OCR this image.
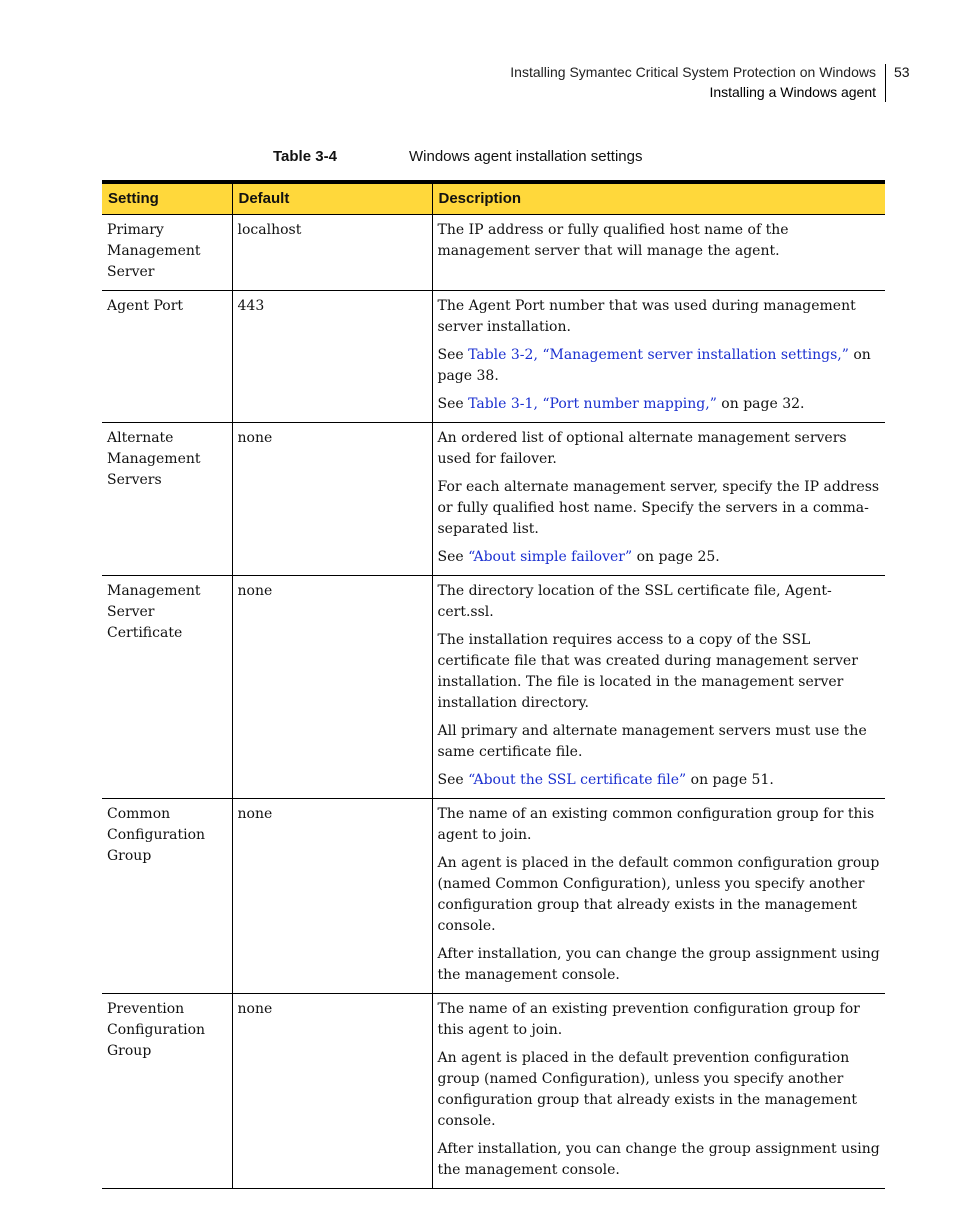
Installing Symantec Critical System Protection on Windows
Installing a Windows agent
53
Table 3-4	Windows agent installation settings
Setting	Default	Description
Primary Management Server	localhost	The IP address or fully qualified host name of the management server that will manage the agent.

Agent Port	443	The Agent Port number that was used during management server installation.

See Table 3-2, “Management server installation settings,” on page 38.

See Table 3-1, “Port number mapping,” on page 32.

Alternate Management Servers	none	An ordered list of optional alternate management servers used for failover.

For each alternate management server, specify the IP address or fully qualified host name. Specify the servers in a comma-separated list.

See “About simple failover” on page 25.

Management Server Certificate	none	The directory location of the SSL certificate file, Agent-cert.ssl.

The installation requires access to a copy of the SSL certificate file that was created during management server installation. The file is located in the management server installation directory.

All primary and alternate management servers must use the same certificate file.

See “About the SSL certificate file” on page 51.

Common Configuration Group	none	The name of an existing common configuration group for this agent to join.

An agent is placed in the default common configuration group (named Common Configuration), unless you specify another configuration group that already exists in the management console.

After installation, you can change the group assignment using the management console.

Prevention Configuration Group	none	The name of an existing prevention configuration group for this agent to join.

An agent is placed in the default prevention configuration group (named Configuration), unless you specify another configuration group that already exists in the management console.

After installation, you can change the group assignment using the management console.
